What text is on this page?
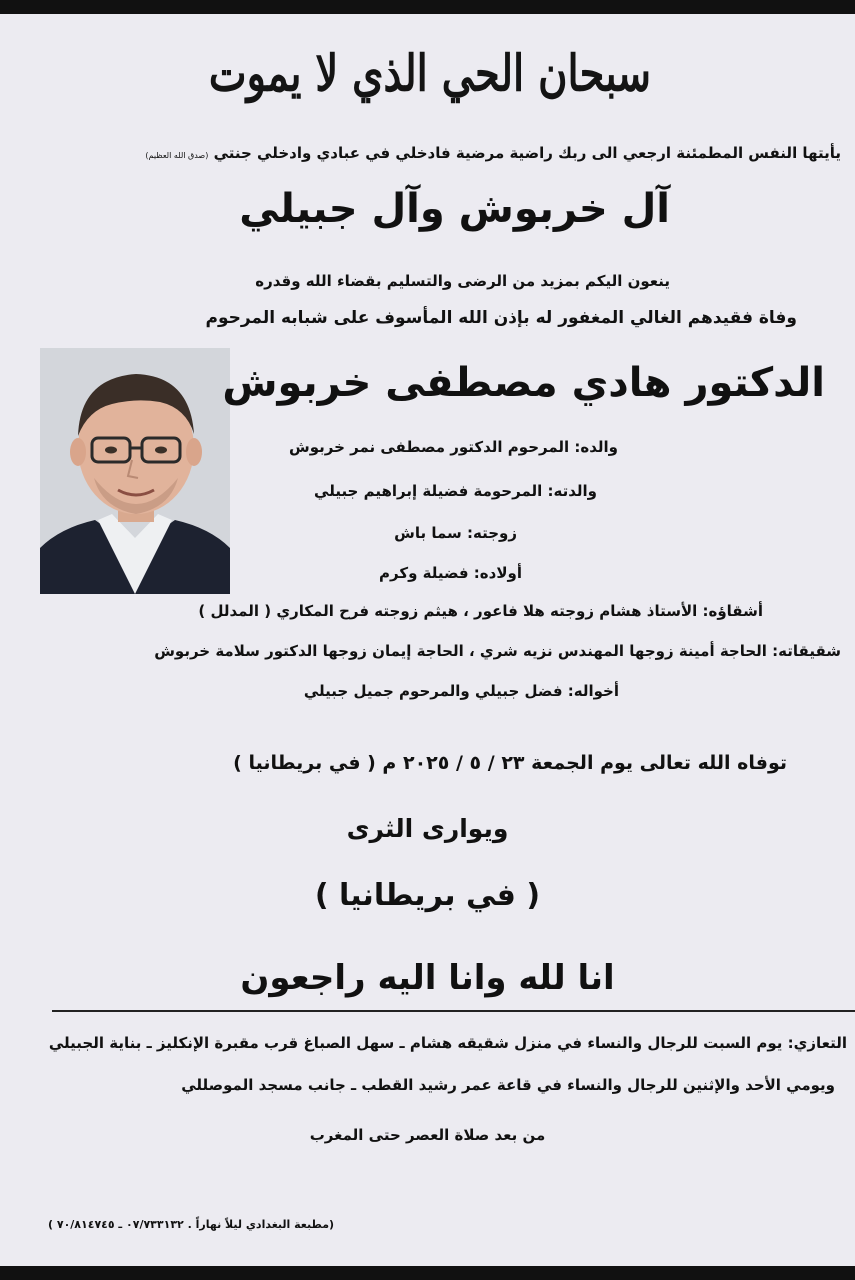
سبحان الحي الذي لا يموت
يأيتها النفس المطمئنة ارجعي الى ربك راضية مرضية فادخلي في عبادي وادخلي جنتي (صدق الله العظيم)
آل خربوش وآل جبيلي
ينعون اليكم بمزيد من الرضى والتسليم بقضاء الله وقدره
وفاة فقيدهم الغالي المغفور له بإذن الله المأسوف على شبابه المرحوم
الدكتور هادي مصطفى خربوش
والده: المرحوم الدكتور مصطفى نمر خربوش
والدته: المرحومة فضيلة إبراهيم جبيلي
زوجته: سما باش
أولاده: فضيلة وكرم
أشقاؤه: الأستاذ هشام زوجته هلا فاعور ، هيثم زوجته فرح المكاري ( المدلل )
شقيقاته: الحاجة أمينة زوجها المهندس نزيه شري ، الحاجة إيمان زوجها الدكتور سلامة خربوش
أخواله: فضل جبيلي والمرحوم جميل جبيلي
توفاه الله تعالى يوم الجمعة ٢٣ / ٥ / ٢٠٢٥ م ( في بريطانيا )
ويوارى الثرى
( في بريطانيا )
انا لله وانا اليه راجعون
التعازي: يوم السبت للرجال والنساء في منزل شقيقه هشام ـ سهل الصباغ قرب مقبرة الإنكليز ـ بناية الجبيلي
ويومي الأحد والإثنين للرجال والنساء في قاعة عمر رشيد القطب ـ جانب مسجد الموصللي
من بعد صلاة العصر حتى المغرب
(مطبعة البغدادي ليلاً نهاراً . ٠٧/٧٣٣١٣٢ ـ ٧٠/٨١٤٧٤٥ )
